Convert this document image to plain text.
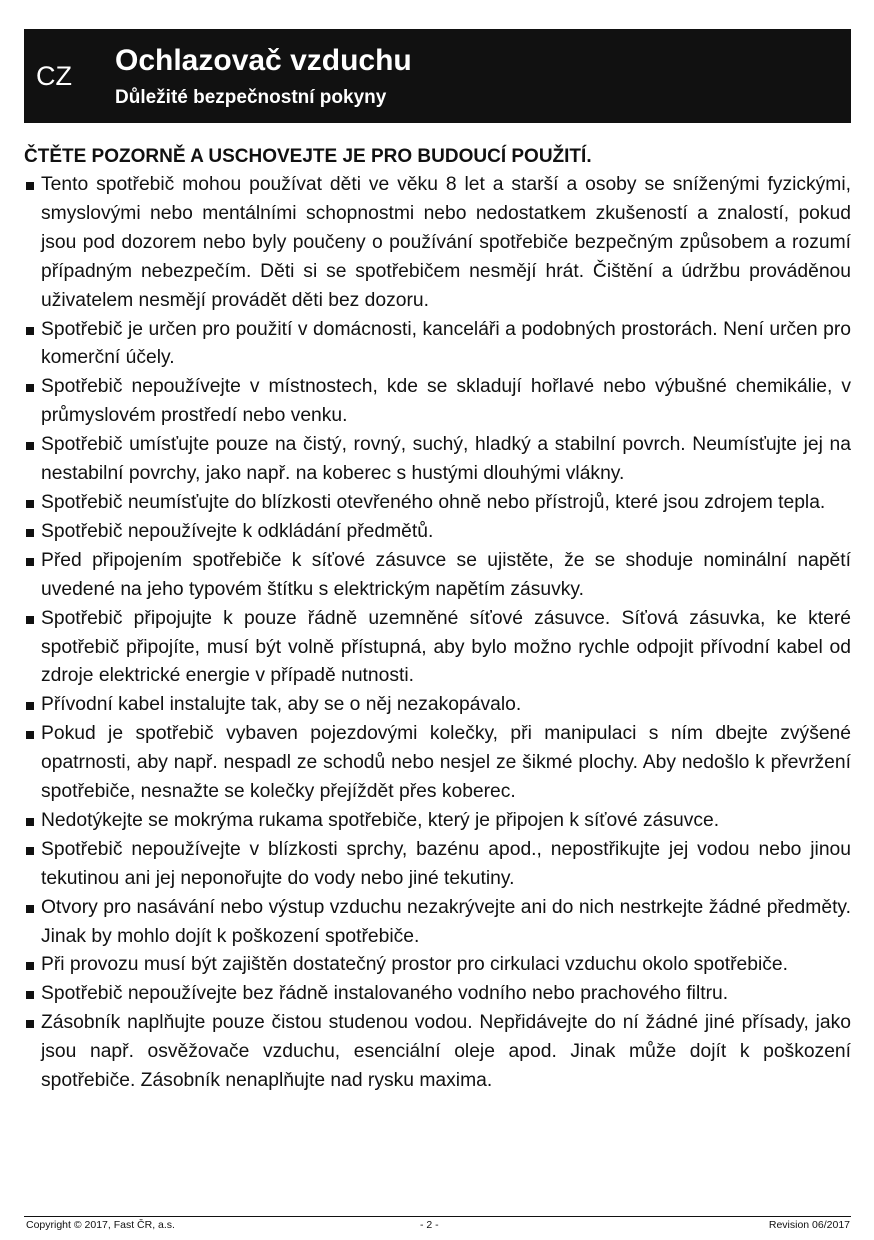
CZ Ochlazovač vzduchu
Důležité bezpečnostní pokyny
ČTĚTE POZORNĚ A USCHOVEJTE JE PRO BUDOUCÍ POUŽITÍ.
Tento spotřebič mohou používat děti ve věku 8 let a starší a osoby se sníženými fyzickými, smyslovými nebo mentálními schopnostmi nebo nedostatkem zkušeností a znalostí, pokud jsou pod dozorem nebo byly poučeny o používání spotřebiče bezpečným způsobem a rozumí případným nebezpečím. Děti si se spotřebičem nesmějí hrát. Čištění a údržbu prováděnou uživatelem nesmějí provádět děti bez dozoru.
Spotřebič je určen pro použití v domácnosti, kanceláři a podobných prostorách. Není určen pro komerční účely.
Spotřebič nepoužívejte v místnostech, kde se skladují hořlavé nebo výbušné chemikálie, v průmyslovém prostředí nebo venku.
Spotřebič umísťujte pouze na čistý, rovný, suchý, hladký a stabilní povrch. Neumísťujte jej na nestabilní povrchy, jako např. na koberec s hustými dlouhými vlákny.
Spotřebič neumísťujte do blízkosti otevřeného ohně nebo přístrojů, které jsou zdrojem tepla.
Spotřebič nepoužívejte k odkládání předmětů.
Před připojením spotřebiče k síťové zásuvce se ujistěte, že se shoduje nominální napětí uvedené na jeho typovém štítku s elektrickým napětím zásuvky.
Spotřebič připojujte k pouze řádně uzemněné síťové zásuvce. Síťová zásuvka, ke které spotřebič připojíte, musí být volně přístupná, aby bylo možno rychle odpojit přívodní kabel od zdroje elektrické energie v případě nutnosti.
Přívodní kabel instalujte tak, aby se o něj nezakopávalo.
Pokud je spotřebič vybaven pojezdovými kolečky, při manipulaci s ním dbejte zvýšené opatrnosti, aby např. nespadl ze schodů nebo nesjel ze šikmé plochy. Aby nedošlo k převržení spotřebiče, nesnažte se kolečky přejíždět přes koberec.
Nedotýkejte se mokrýma rukama spotřebiče, který je připojen k síťové zásuvce.
Spotřebič nepoužívejte v blízkosti sprchy, bazénu apod., nepostřikujte jej vodou nebo jinou tekutinou ani jej neponořujte do vody nebo jiné tekutiny.
Otvory pro nasávání nebo výstup vzduchu nezakrývejte ani do nich nestrkejte žádné předměty. Jinak by mohlo dojít k poškození spotřebiče.
Při provozu musí být zajištěn dostatečný prostor pro cirkulaci vzduchu okolo spotřebiče.
Spotřebič nepoužívejte bez řádně instalovaného vodního nebo prachového filtru.
Zásobník naplňujte pouze čistou studenou vodou. Nepřidávejte do ní žádné jiné přísady, jako jsou např. osvěžovače vzduchu, esenciální oleje apod. Jinak může dojít k poškození spotřebiče. Zásobník nenaplňujte nad rysku maxima.
Copyright © 2017, Fast ČR, a.s.	- 2 -	Revision 06/2017
